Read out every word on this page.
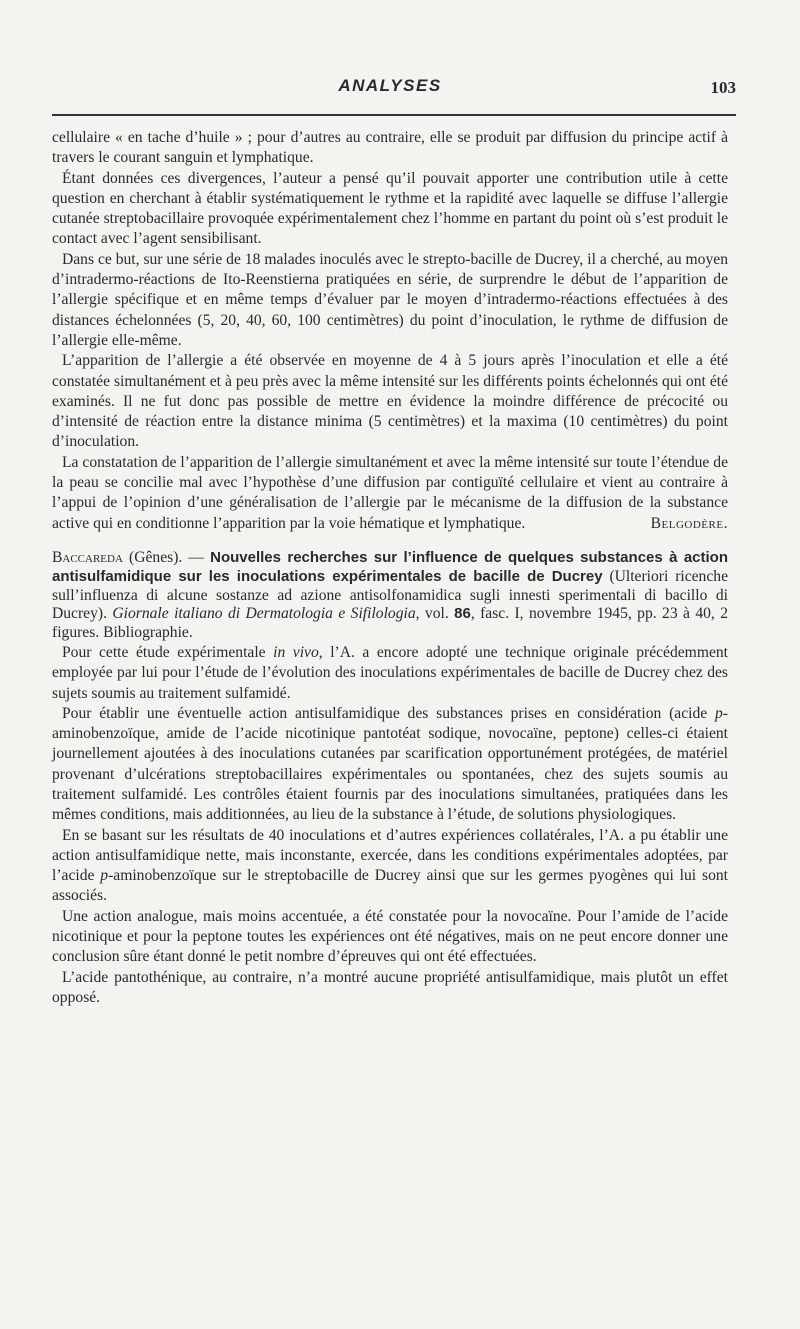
ANALYSES	103

cellulaire « en tache d’huile » ; pour d’autres au contraire, elle se produit par diffusion du principe actif à travers le courant sanguin et lymphatique.

Étant données ces divergences, l’auteur a pensé qu’il pouvait apporter une contribution utile à cette question en cherchant à établir systématiquement le rythme et la rapidité avec laquelle se diffuse l’allergie cutanée streptobacillaire provoquée expérimentalement chez l’homme en partant du point où s’est produit le contact avec l’agent sensibilisant.

Dans ce but, sur une série de 18 malades inoculés avec le strepto-bacille de Ducrey, il a cherché, au moyen d’intradermo-réactions de Ito-Reenstierna pratiquées en série, de surprendre le début de l’apparition de l’allergie spécifique et en même temps d’évaluer par le moyen d’intradermo-réactions effectuées à des distances échelonnées (5, 20, 40, 60, 100 centimètres) du point d’inoculation, le rythme de diffusion de l’allergie elle-même.

L’apparition de l’allergie a été observée en moyenne de 4 à 5 jours après l’inoculation et elle a été constatée simultanément et à peu près avec la même intensité sur les différents points échelonnés qui ont été examinés. Il ne fut donc pas possible de mettre en évidence la moindre différence de précocité ou d’intensité de réaction entre la distance minima (5 centimètres) et la maxima (10 centimètres) du point d’inoculation.

La constatation de l’apparition de l’allergie simultanément et avec la même intensité sur toute l’étendue de la peau se concilie mal avec l’hypothèse d’une diffusion par contiguïté cellulaire et vient au contraire à l’appui de l’opinion d’une généralisation de l’allergie par le mécanisme de la diffusion de la substance active qui en conditionne l’apparition par la voie hématique et lymphatique.	Belgodère.

Baccareda (Gênes). — Nouvelles recherches sur l’influence de quelques substances à action antisulfamidique sur les inoculations expérimentales de bacille de Ducrey (Ulteriori ricenche sull’influenza di alcune sostanze ad azione antisolfonamidica sugli innesti sperimentali di bacillo di Ducrey). Giornale italiano di Dermatologia e Sifilologia, vol. 86, fasc. I, novembre 1945, pp. 23 à 40, 2 figures. Bibliographie.

Pour cette étude expérimentale in vivo, l’A. a encore adopté une technique originale précédemment employée par lui pour l’étude de l’évolution des inoculations expérimentales de bacille de Ducrey chez des sujets soumis au traitement sulfamidé.

Pour établir une éventuelle action antisulfamidique des substances prises en considération (acide p-aminobenzoïque, amide de l’acide nicotinique pantotéat sodique, novocaïne, peptone) celles-ci étaient journellement ajoutées à des inoculations cutanées par scarification opportunément protégées, de matériel provenant d’ulcérations streptobacillaires expérimentales ou spontanées, chez des sujets soumis au traitement sulfamidé. Les contrôles étaient fournis par des inoculations simultanées, pratiquées dans les mêmes conditions, mais additionnées, au lieu de la substance à l’étude, de solutions physiologiques.

En se basant sur les résultats de 40 inoculations et d’autres expériences collatérales, l’A. a pu établir une action antisulfamidique nette, mais inconstante, exercée, dans les conditions expérimentales adoptées, par l’acide p-aminobenzoïque sur le streptobacille de Ducrey ainsi que sur les germes pyogènes qui lui sont associés.

Une action analogue, mais moins accentuée, a été constatée pour la novocaïne. Pour l’amide de l’acide nicotinique et pour la peptone toutes les expériences ont été négatives, mais on ne peut encore donner une conclusion sûre étant donné le petit nombre d’épreuves qui ont été effectuées.

L’acide pantothénique, au contraire, n’a montré aucune propriété antisulfamidique, mais plutôt un effet opposé.
